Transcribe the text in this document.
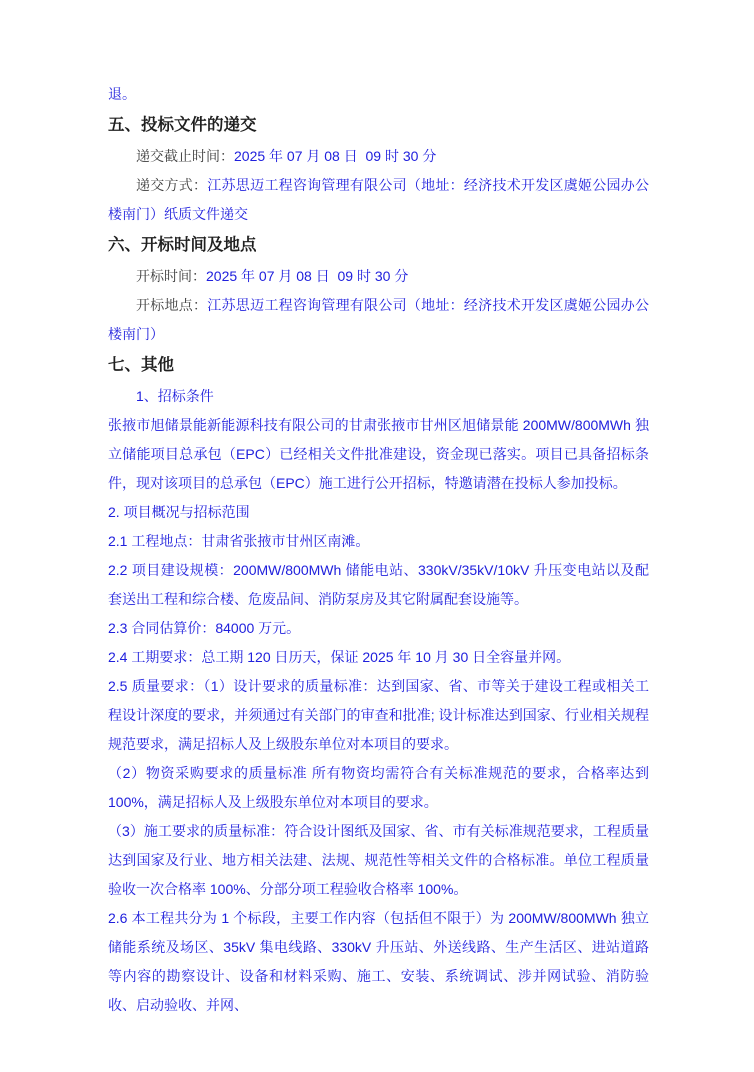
退。

五、投标文件的递交

递交截止时间：2025 年 07 月 08 日  09 时 30 分

递交方式：江苏思迈工程咨询管理有限公司（地址：经济技术开发区虞姬公园办公楼南门）纸质文件递交

六、开标时间及地点

开标时间：2025 年 07 月 08 日  09 时 30 分

开标地点：江苏思迈工程咨询管理有限公司（地址：经济技术开发区虞姬公园办公楼南门）

七、其他

1、招标条件

张掖市旭储景能新能源科技有限公司的甘肃张掖市甘州区旭储景能 200MW/800MWh 独立储能项目总承包（EPC）已经相关文件批准建设，资金现已落实。项目已具备招标条件，现对该项目的总承包（EPC）施工进行公开招标，特邀请潜在投标人参加投标。

2. 项目概况与招标范围

2.1 工程地点：甘肃省张掖市甘州区南滩。

2.2 项目建设规模：200MW/800MWh 储能电站、330kV/35kV/10kV 升压变电站以及配套送出工程和综合楼、危废品间、消防泵房及其它附属配套设施等。

2.3 合同估算价：84000 万元。

2.4 工期要求：总工期 120 日历天，保证 2025 年 10 月 30 日全容量并网。

2.5 质量要求：（1）设计要求的质量标准：达到国家、省、市等关于建设工程或相关工程设计深度的要求，并须通过有关部门的审查和批准; 设计标准达到国家、行业相关规程规范要求，满足招标人及上级股东单位对本项目的要求。

（2）物资采购要求的质量标准 所有物资均需符合有关标准规范的要求，合格率达到 100%，满足招标人及上级股东单位对本项目的要求。

（3）施工要求的质量标准：符合设计图纸及国家、省、市有关标准规范要求，工程质量达到国家及行业、地方相关法建、法规、规范性等相关文件的合格标准。单位工程质量验收一次合格率 100%、分部分项工程验收合格率 100%。

2.6 本工程共分为 1 个标段，主要工作内容（包括但不限于）为 200MW/800MWh 独立储能系统及场区、35kV 集电线路、330kV 升压站、外送线路、生产生活区、进站道路等内容的勘察设计、设备和材料采购、施工、安装、系统调试、涉并网试验、消防验收、启动验收、并网、
